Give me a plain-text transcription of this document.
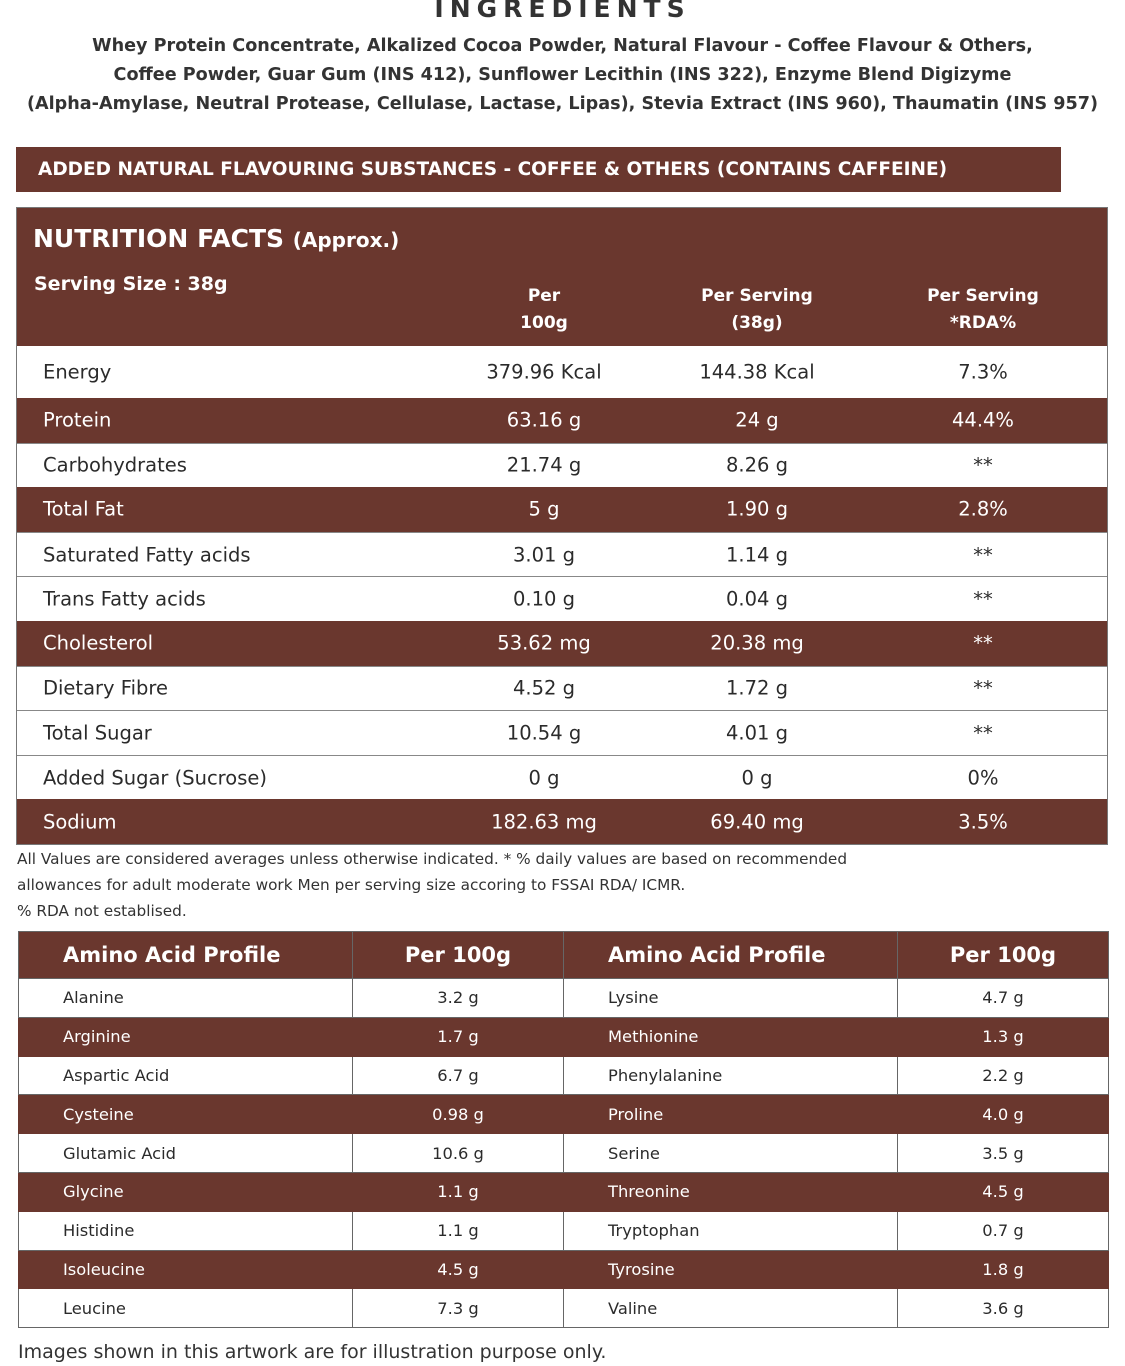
INGREDIENTS
Whey Protein Concentrate, Alkalized Cocoa Powder, Natural Flavour - Coffee Flavour & Others,
Coffee Powder, Guar Gum (INS 412), Sunflower Lecithin (INS 322), Enzyme Blend Digizyme
(Alpha-Amylase, Neutral Protease, Cellulase, Lactase, Lipas), Stevia Extract (INS 960), Thaumatin (INS 957)
ADDED NATURAL FLAVOURING SUBSTANCES - COFFEE & OTHERS (CONTAINS CAFFEINE)
NUTRITION FACTS (Approx.)
Serving Size : 38g
Per
100g
Per Serving
(38g)
Per Serving
*RDA%
Energy	379.96 Kcal	144.38 Kcal	7.3%
Protein	63.16 g	24 g	44.4%
Carbohydrates	21.74 g	8.26 g	**
Total Fat	5 g	1.90 g	2.8%
Saturated Fatty acids	3.01 g	1.14 g	**
Trans Fatty acids	0.10 g	0.04 g	**
Cholesterol	53.62 mg	20.38 mg	**
Dietary Fibre	4.52 g	1.72 g	**
Total Sugar	10.54 g	4.01 g	**
Added Sugar (Sucrose)	0 g	0 g	0%
Sodium	182.63 mg	69.40 mg	3.5%
All Values are considered averages unless otherwise indicated. * % daily values are based on recommended
allowances for adult moderate work Men per serving size accoring to FSSAI RDA/ ICMR.
% RDA not establised.
Amino Acid Profile	Per 100g	Amino Acid Profile	Per 100g
Alanine	3.2 g	Lysine	4.7 g
Arginine	1.7 g	Methionine	1.3 g
Aspartic Acid	6.7 g	Phenylalanine	2.2 g
Cysteine	0.98 g	Proline	4.0 g
Glutamic Acid	10.6 g	Serine	3.5 g
Glycine	1.1 g	Threonine	4.5 g
Histidine	1.1 g	Tryptophan	0.7 g
Isoleucine	4.5 g	Tyrosine	1.8 g
Leucine	7.3 g	Valine	3.6 g
Images shown in this artwork are for illustration purpose only.
